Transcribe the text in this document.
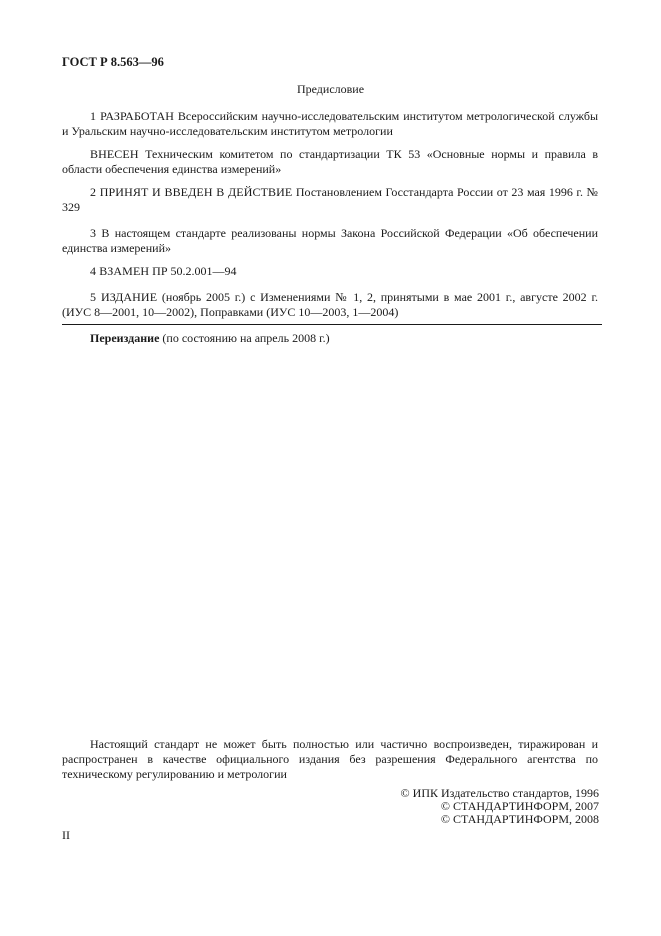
ГОСТ Р 8.563—96
Предисловие
1 РАЗРАБОТАН Всероссийским научно-исследовательским институтом метрологической службы и Уральским научно-исследовательским институтом метрологии
ВНЕСЕН Техническим комитетом по стандартизации ТК 53 «Основные нормы и правила в области обеспечения единства измерений»
2 ПРИНЯТ И ВВЕДЕН В ДЕЙСТВИЕ Постановлением Госстандарта России от 23 мая 1996 г. № 329
3 В настоящем стандарте реализованы нормы Закона Российской Федерации «Об обеспечении единства измерений»
4 ВЗАМЕН ПР 50.2.001—94
5 ИЗДАНИЕ (ноябрь 2005 г.) с Изменениями № 1, 2, принятыми в мае 2001 г., августе 2002 г. (ИУС 8—2001, 10—2002), Поправками (ИУС 10—2003, 1—2004)
Переиздание (по состоянию на апрель 2008 г.)
Настоящий стандарт не может быть полностью или частично воспроизведен, тиражирован и распространен в качестве официального издания без разрешения Федерального агентства по техническому регулированию и метрологии
© ИПК Издательство стандартов, 1996
© СТАНДАРТИНФОРМ, 2007
© СТАНДАРТИНФОРМ, 2008
II
